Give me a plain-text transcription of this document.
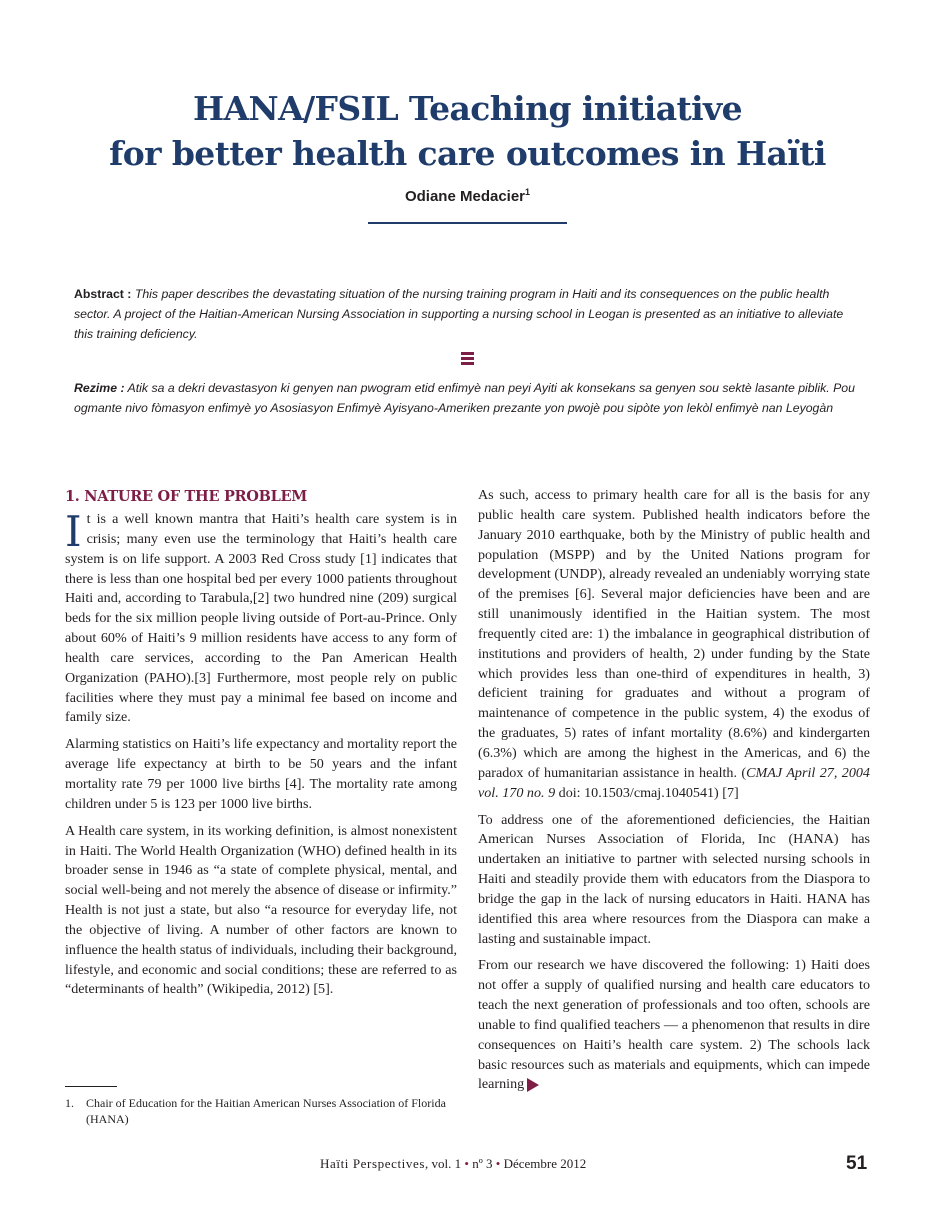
HANA/FSIL Teaching initiative
for better health care outcomes in Haïti
Odiane Medacier$^1$
Abstract : This paper describes the devastating situation of the nursing training program in Haiti and its consequences on the public health sector. A project of the Haitian-American Nursing Association in supporting a nursing school in Leogan is presented as an initiative to alleviate this training deficiency.
Rezime : Atik sa a dekri devastasyon ki genyen nan pwogram etid enfimyè nan peyi Ayiti ak konsekans sa genyen sou sektè lasante piblik. Pou ogmante nivo fòmasyon enfimyè yo Asosiasyon Enfimyè Ayisyano-Ameriken prezante yon pwojè pou sipòte yon lekòl enfimyè nan Leyogàn
1. NATURE OF THE PROBLEM

It is a well known mantra that Haiti’s health care system is in crisis; many even use the terminology that Haiti’s health care system is on life support. A 2003 Red Cross study [1] indicates that there is less than one hospital bed per every 1000 patients throughout Haiti and, according to Tarabula,[2] two hundred nine (209) surgical beds for the six million people living outside of Port-au-Prince. Only about 60% of Haiti’s 9 million residents have access to any form of health care services, according to the Pan American Health Organization (PAHO).[3] Furthermore, most people rely on public facilities where they must pay a minimal fee based on income and family size.

Alarming statistics on Haiti’s life expectancy and mortality report the average life expectancy at birth to be 50 years and the infant mortality rate 79 per 1000 live births [4]. The mortality rate among children under 5 is 123 per 1000 live births.

A Health care system, in its working definition, is almost nonexistent in Haiti. The World Health Organization (WHO) defined health in its broader sense in 1946 as “a state of complete physical, mental, and social well-being and not merely the absence of disease or infirmity.” Health is not just a state, but also “a resource for everyday life, not the objective of living. A number of other factors are known to influence the health status of individuals, including their background, lifestyle, and economic and social conditions; these are referred to as “determinants of health” (Wikipedia, 2012) [5].

As such, access to primary health care for all is the basis for any public health care system. Published health indicators before the January 2010 earthquake, both by the Ministry of public health and population (MSPP) and by the United Nations program for development (UNDP), already revealed an undeniably worrying state of the premises [6]. Several major deficiencies have been and are still unanimously identified in the Haitian system. The most frequently cited are: 1) the imbalance in geographical distribution of institutions and providers of health, 2) under funding by the State which provides less than one-third of expenditures in health, 3) deficient training for graduates and without a program of maintenance of competence in the public system, 4) the exodus of the graduates, 5) rates of infant mortality (8.6%) and kindergarten (6.3%) which are among the highest in the Americas, and 6) the paradox of humanitarian assistance in health. (CMAJ April 27, 2004 vol. 170 no. 9 doi: 10.1503/cmaj.1040541) [7]

To address one of the aforementioned deficiencies, the Haitian American Nurses Association of Florida, Inc (HANA) has undertaken an initiative to partner with selected nursing schools in Haiti and steadily provide them with educators from the Diaspora to bridge the gap in the lack of nursing educators in Haiti. HANA has identified this area where resources from the Diaspora can make a lasting and sustainable impact.

From our research we have discovered the following: 1) Haiti does not offer a supply of qualified nursing and health care educators to teach the next generation of professionals and too often, schools are unable to find qualified teachers — a phenomenon that results in dire consequences on Haiti’s health care system. 2) The schools lack basic resources such as materials and equipments, which can impede learning

1.	Chair of Education for the Haitian American Nurses Association of Florida (HANA)
Haïti Perspectives, vol. 1 • nº 3 • Décembre 2012	51
